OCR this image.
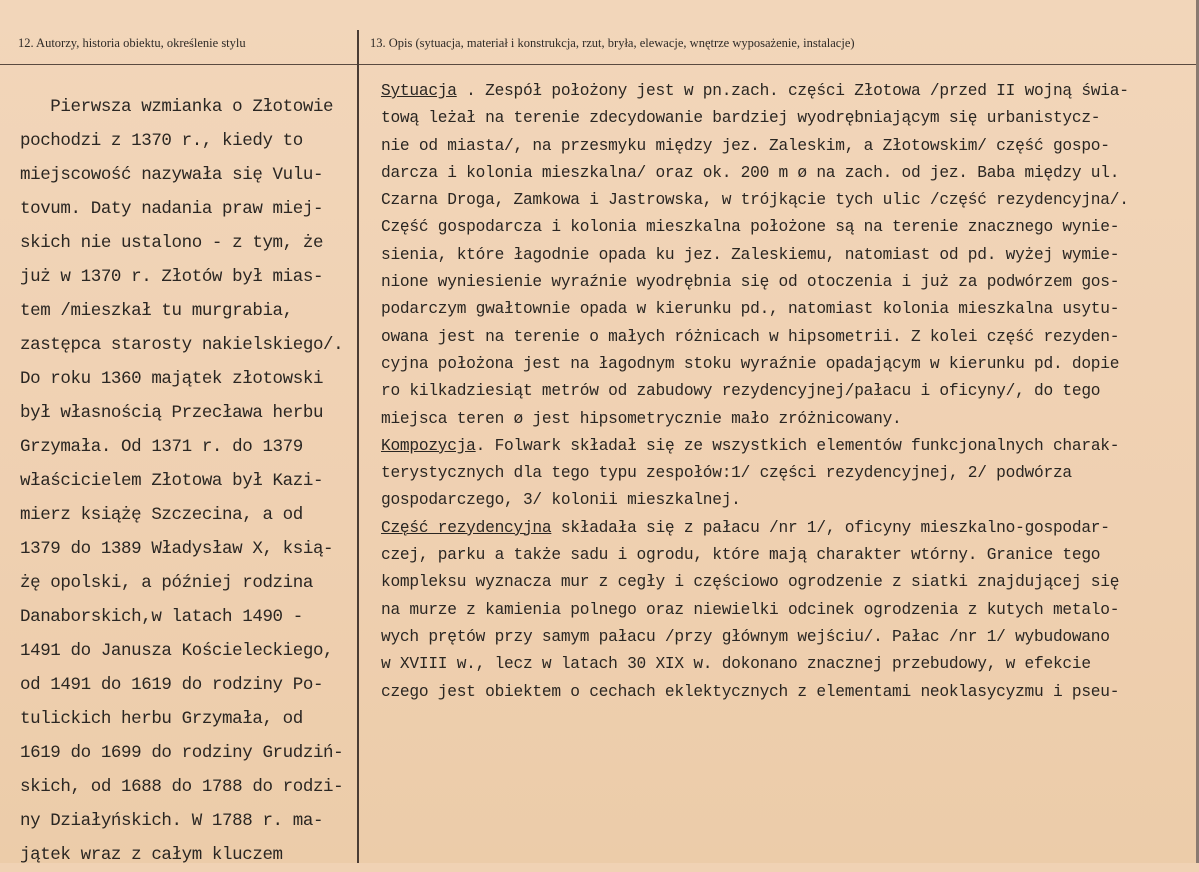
12. Autorzy, historia obiektu, określenie stylu	13. Opis (sytuacja, materiał i konstrukcja, rzut, bryła, elewacje, wnętrze wyposażenie, instalacje)
Pierwsza wzmianka o Złotowie
pochodzi z 1370 r., kiedy to
miejscowość nazywała się Vulu-
tovum. Daty nadania praw miej-
skich nie ustalono - z tym, że
już w 1370 r. Złotów był mias-
tem /mieszkał tu murgrabia,
zastępca starosty nakielskiego/.
Do roku 1360 majątek złotowski
był własnością Przecława herbu
Grzymała. Od 1371 r. do 1379
właścicielem Złotowa był Kazi-
mierz książę Szczecina, a od
1379 do 1389 Władysław X, ksią-
żę opolski, a później rodzina
Danaborskich,w latach 1490 -
1491 do Janusza Kościeleckiego,
od 1491 do 1619 do rodziny Po-
tulickich herbu Grzymała, od
1619 do 1699 do rodziny Grudziń-
skich, od 1688 do 1788 do rodzi-
ny Działyńskich. W 1788 r. ma-
jątek wraz z całym kluczem
Sytuacja . Zespół położony jest w pn.zach. części Złotowa /przed II wojną świa-
tową leżał na terenie zdecydowanie bardziej wyodrębniającym się urbanistycz-
nie od miasta/, na przesmyku między jez. Zaleskim, a Złotowskim/ część gospo-
darcza i kolonia mieszkalna/ oraz ok. 200 m ø na zach. od jez. Baba między ul.
Czarna Droga, Zamkowa i Jastrowska, w trójkącie tych ulic /część rezydencyjna/.
Część gospodarcza i kolonia mieszkalna położone są na terenie znacznego wynie-
sienia, które łagodnie opada ku jez. Zaleskiemu, natomiast od pd. wyżej wymie-
nione wyniesienie wyraźnie wyodrębnia się od otoczenia i już za podwórzem gos-
podarczym gwałtownie opada w kierunku pd., natomiast kolonia mieszkalna usytu-
owana jest na terenie o małych różnicach w hipsometrii. Z kolei część rezyden-
cyjna położona jest na łagodnym stoku wyraźnie opadającym w kierunku pd. dopie
ro kilkadziesiąt metrów od zabudowy rezydencyjnej/pałacu i oficyny/, do tego
miejsca teren ø jest hipsometrycznie mało zróżnicowany.
Kompozycja. Folwark składał się ze wszystkich elementów funkcjonalnych charak-
terystycznych dla tego typu zespołów:1/ części rezydencyjnej, 2/ podwórza
gospodarczego, 3/ kolonii mieszkalnej.
Część rezydencyjna składała się z pałacu /nr 1/, oficyny mieszkalno-gospodar-
czej, parku a także sadu i ogrodu, które mają charakter wtórny. Granice tego
kompleksu wyznacza mur z cegły i częściowo ogrodzenie z siatki znajdującej się
na murze z kamienia polnego oraz niewielki odcinek ogrodzenia z kutych metalo-
wych prętów przy samym pałacu /przy głównym wejściu/. Pałac /nr 1/ wybudowano
w XVIII w., lecz w latach 30 XIX w. dokonano znacznej przebudowy, w efekcie
czego jest obiektem o cechach eklektycznych z elementami neoklasycyzmu i pseu-
